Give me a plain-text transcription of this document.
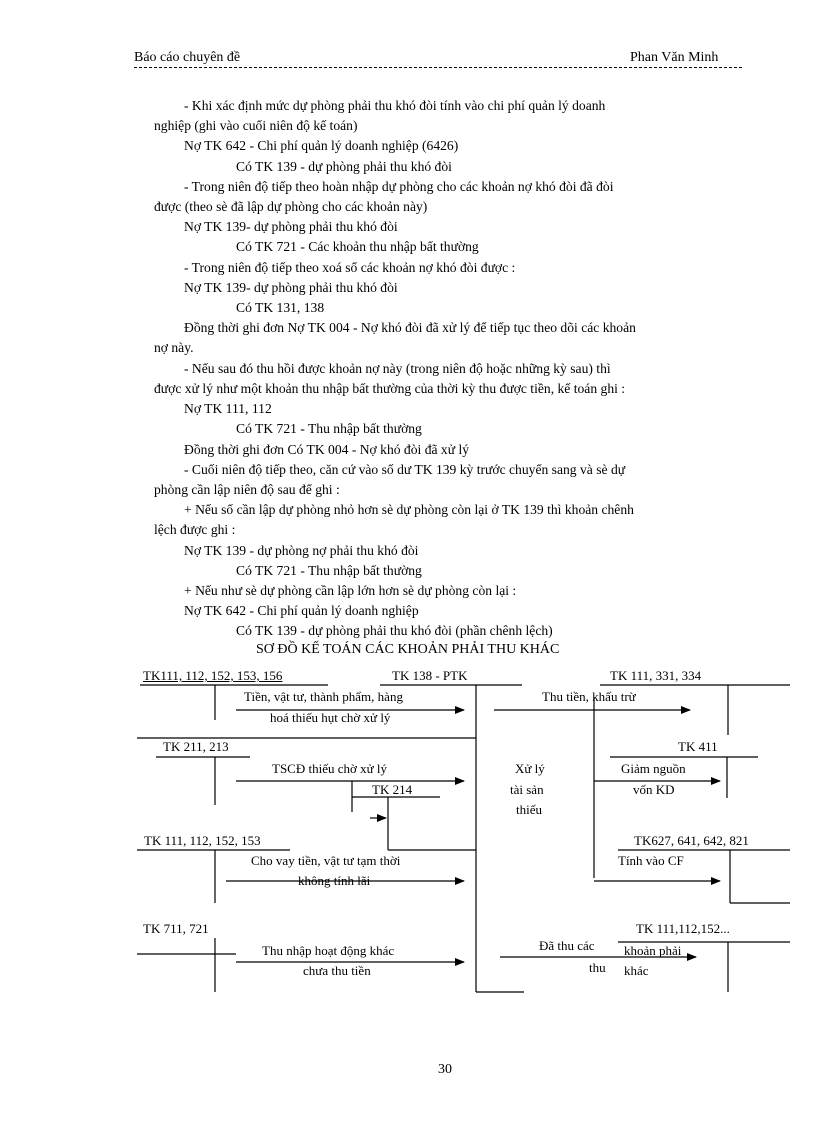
Báo cáo chuyên đề	Phan Văn Minh
- Khi xác định mức dự phòng phải thu khó đòi tính vào chi phí quản lý doanh
nghiệp (ghi vào cuối niên độ kế toán)
Nợ TK 642 - Chi phí quản lý doanh nghiệp (6426)
Có TK 139 - dự phòng phải thu khó đòi
- Trong niên độ tiếp theo hoàn nhập dự phòng cho các khoản nợ khó đòi đã đòi
được (theo sè đã lập dự phòng cho các khoản này)
Nợ TK 139- dự phòng phải thu khó đòi
Có TK 721 - Các khoản thu nhập bất thường
- Trong niên độ tiếp theo xoá sổ các khoản nợ khó đòi được :
Nợ TK 139- dự phòng phải thu khó đòi
Có TK 131, 138
Đồng thời ghi đơn Nợ TK 004 - Nợ khó đòi đã xử lý để tiếp tục theo dõi các khoản
nợ này.
- Nếu sau đó thu hồi được khoản nợ này (trong niên độ hoặc những kỳ sau) thì
được xử lý như một khoản thu nhập bất thường của thời kỳ thu được tiền, kế toán ghi :
Nợ TK 111, 112
Có TK 721 - Thu nhập bất thường
Đồng thời ghi đơn Có TK 004 - Nợ khó đòi đã xử lý
- Cuối niên độ tiếp theo, căn cứ vào số dư TK 139 kỳ trước chuyển sang và sè dự
phòng cần lập niên độ sau để ghi :
+ Nếu số cần lập dự phòng nhỏ hơn sè dự phòng còn lại ở TK 139 thì khoản chênh
lệch được ghi :
Nợ TK 139 - dự phòng nợ phải thu khó đòi
Có TK 721 - Thu nhập bất thường
+ Nếu như sè dự phòng cần lập lớn hơn sè dự phòng còn lại :
Nợ TK 642 - Chi phí quản lý doanh nghiệp
Có TK 139 - dự phòng phải thu khó đòi (phần chênh lệch)
SƠ ĐỒ KẾ TOÁN CÁC KHOẢN PHẢI THU KHÁC
TK111, 112, 152, 153, 156	TK 138 - PTK	TK 111, 331, 334
TK 211, 213	TK 411
TK 214
TK 111, 112, 152, 153	TK627, 641, 642, 821
TK 711, 721	TK 111,112,152...
Tiền, vật tư, thành phẩm, hàng
hoá thiếu hụt chờ xử lý
Thu tiền, khấu trừ
TSCĐ thiếu chờ xử lý	Xử lý
tài sản
thiếu
Giảm nguồn
vốn KD
Cho vay tiền, vật tư tạm thời
không tính lãi
Tính vào CF
Thu nhập hoạt động khác
chưa thu tiền
Đã thu các
thu
khoản phải
khác
30
